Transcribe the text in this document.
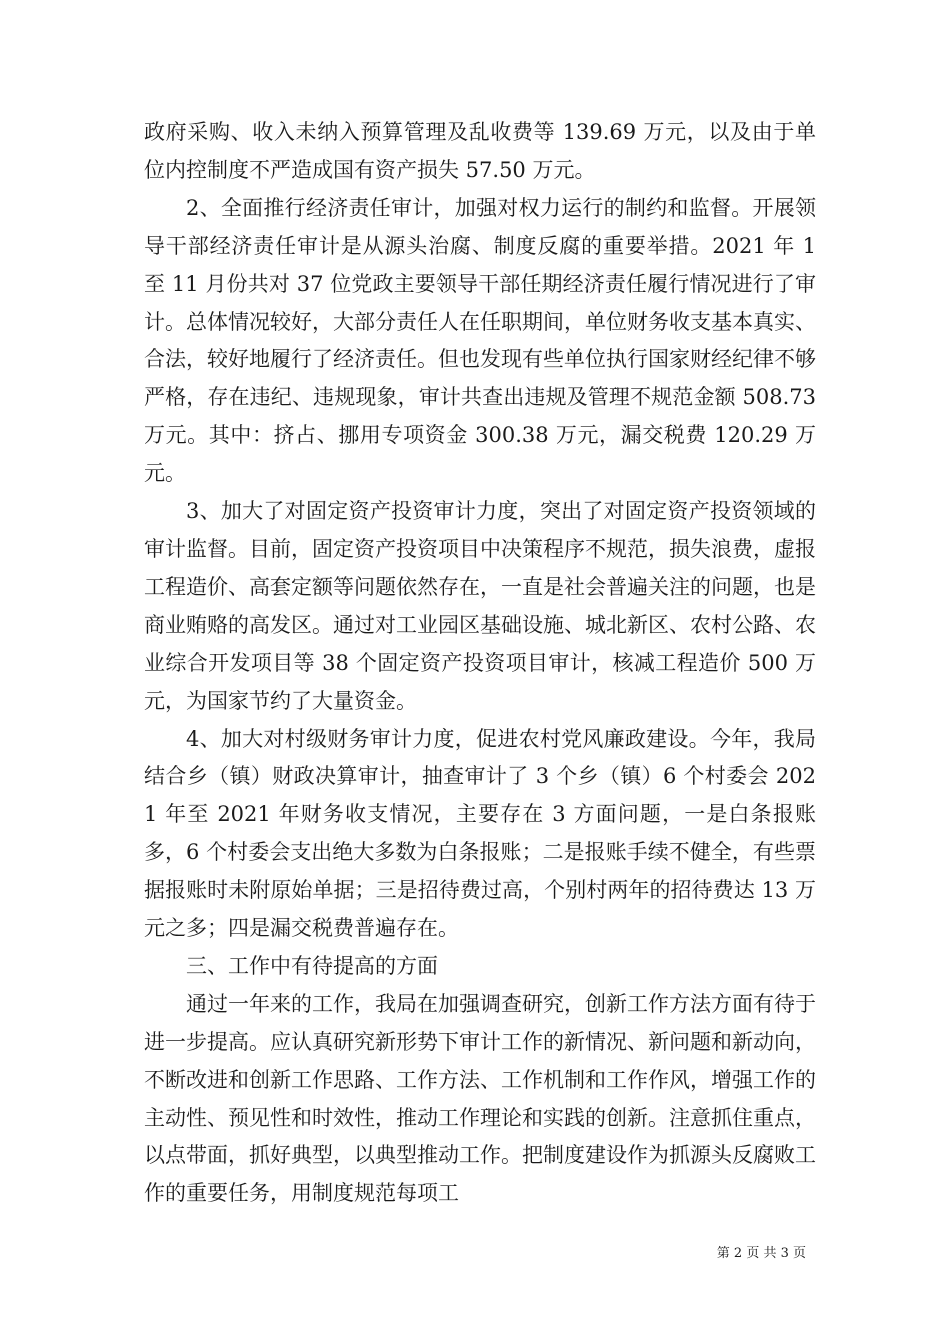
政府采购、收入未纳入预算管理及乱收费等 139.69 万元，以及由于单位内控制度不严造成国有资产损失 57.50 万元。

2、全面推行经济责任审计，加强对权力运行的制约和监督。开展领导干部经济责任审计是从源头治腐、制度反腐的重要举措。2021 年 1 至 11 月份共对 37 位党政主要领导干部任期经济责任履行情况进行了审计。总体情况较好，大部分责任人在任职期间，单位财务收支基本真实、合法，较好地履行了经济责任。但也发现有些单位执行国家财经纪律不够严格，存在违纪、违规现象，审计共查出违规及管理不规范金额 508.73 万元。其中：挤占、挪用专项资金 300.38 万元，漏交税费 120.29 万元。

3、加大了对固定资产投资审计力度，突出了对固定资产投资领域的审计监督。目前，固定资产投资项目中决策程序不规范，损失浪费，虚报工程造价、高套定额等问题依然存在，一直是社会普遍关注的问题，也是商业贿赂的高发区。通过对工业园区基础设施、城北新区、农村公路、农业综合开发项目等 38 个固定资产投资项目审计，核减工程造价 500 万元，为国家节约了大量资金。

4、加大对村级财务审计力度，促进农村党风廉政建设。今年，我局结合乡（镇）财政决算审计，抽查审计了 3 个乡（镇）6 个村委会 2021 年至 2021 年财务收支情况，主要存在 3 方面问题，一是白条报账多，6 个村委会支出绝大多数为白条报账；二是报账手续不健全，有些票据报账时未附原始单据；三是招待费过高，个别村两年的招待费达 13 万元之多；四是漏交税费普遍存在。

三、工作中有待提高的方面

通过一年来的工作，我局在加强调查研究，创新工作方法方面有待于进一步提高。应认真研究新形势下审计工作的新情况、新问题和新动向，不断改进和创新工作思路、工作方法、工作机制和工作作风，增强工作的主动性、预见性和时效性，推动工作理论和实践的创新。注意抓住重点，以点带面，抓好典型，以典型推动工作。把制度建设作为抓源头反腐败工作的重要任务，用制度规范每项工

第 2 页 共 3 页
